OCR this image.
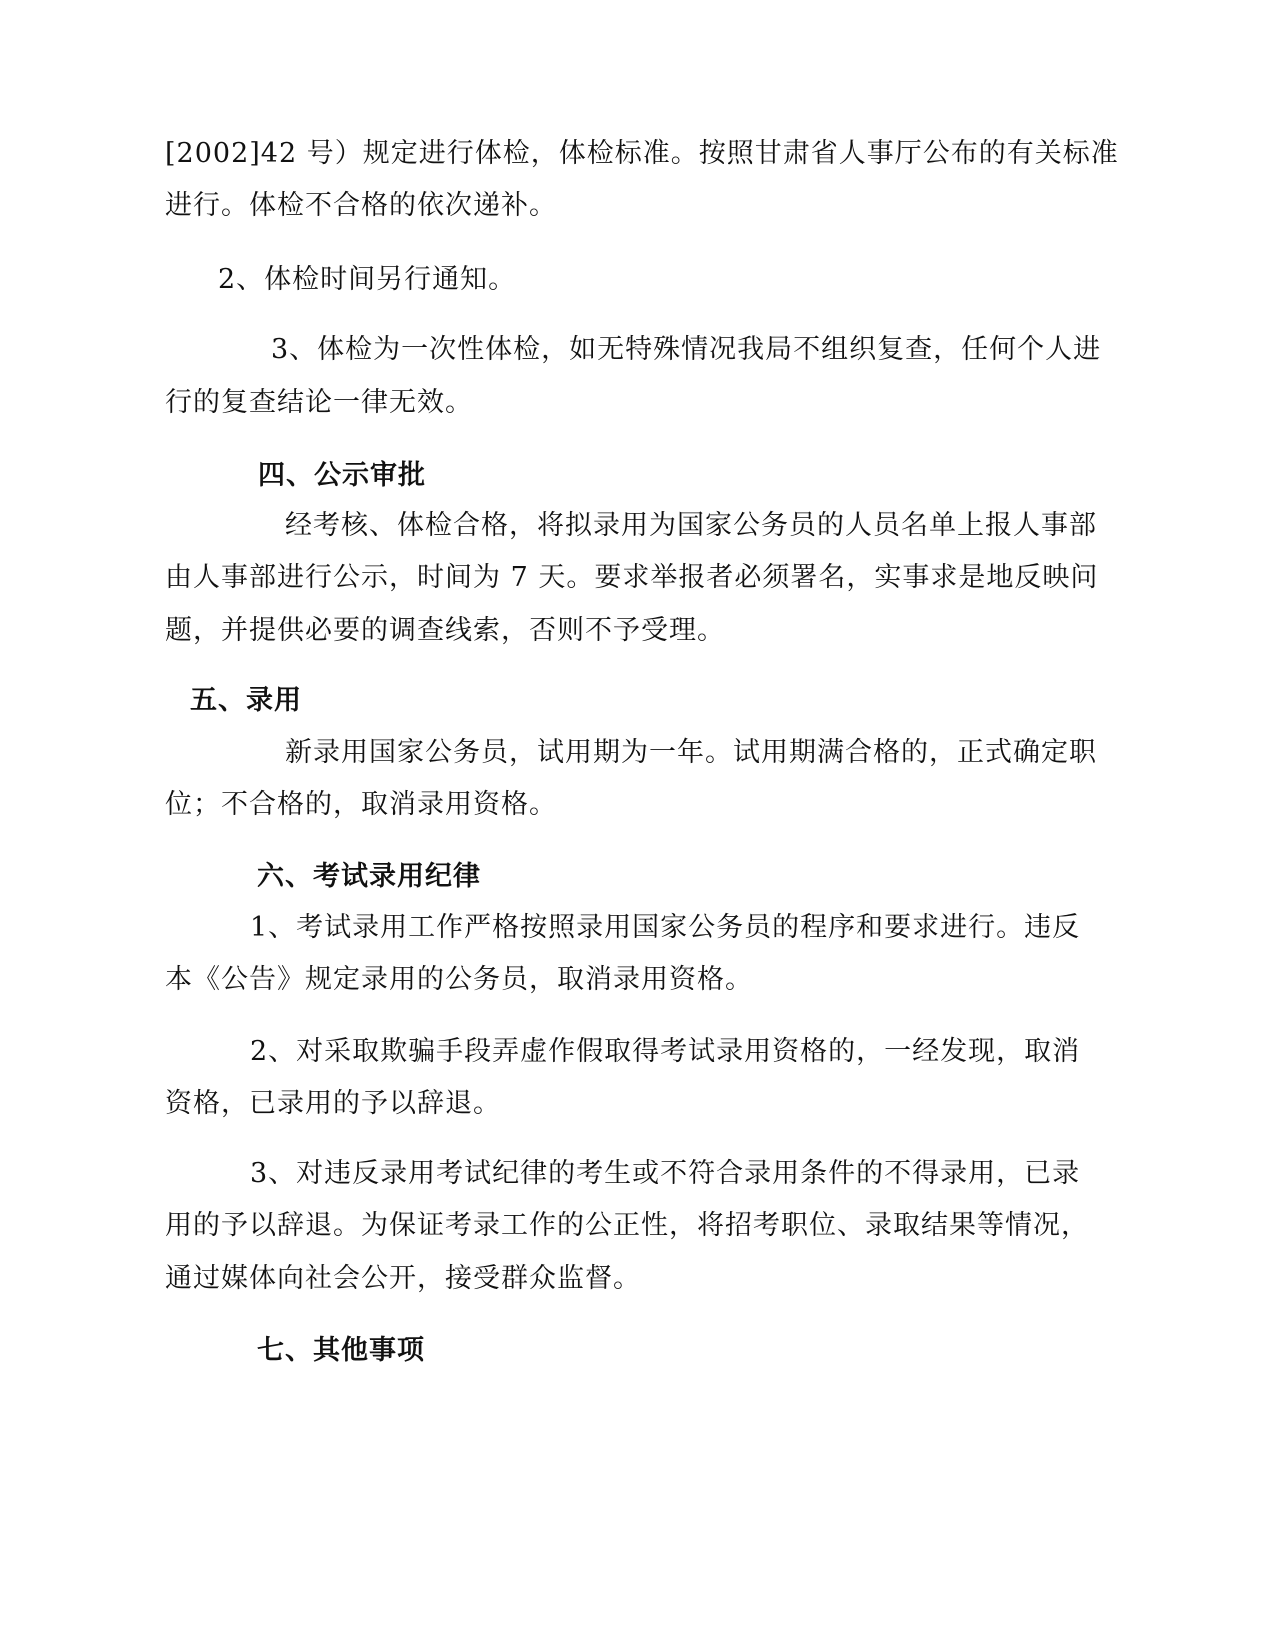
[2002]42 号）规定进行体检，体检标准。按照甘肃省人事厅公布的有关标准
进行。体检不合格的依次递补。
2、体检时间另行通知。
3、体检为一次性体检，如无特殊情况我局不组织复查，任何个人进
行的复查结论一律无效。
四、公示审批
经考核、体检合格，将拟录用为国家公务员的人员名单上报人事部
由人事部进行公示，时间为 7 天。要求举报者必须署名，实事求是地反映问
题，并提供必要的调查线索，否则不予受理。
五、录用
新录用国家公务员，试用期为一年。试用期满合格的，正式确定职
位；不合格的，取消录用资格。
六、考试录用纪律
1、考试录用工作严格按照录用国家公务员的程序和要求进行。违反
本《公告》规定录用的公务员，取消录用资格。
2、对采取欺骗手段弄虚作假取得考试录用资格的，一经发现，取消
资格，已录用的予以辞退。
3、对违反录用考试纪律的考生或不符合录用条件的不得录用，已录
用的予以辞退。为保证考录工作的公正性，将招考职位、录取结果等情况，
通过媒体向社会公开，接受群众监督。
七、其他事项
